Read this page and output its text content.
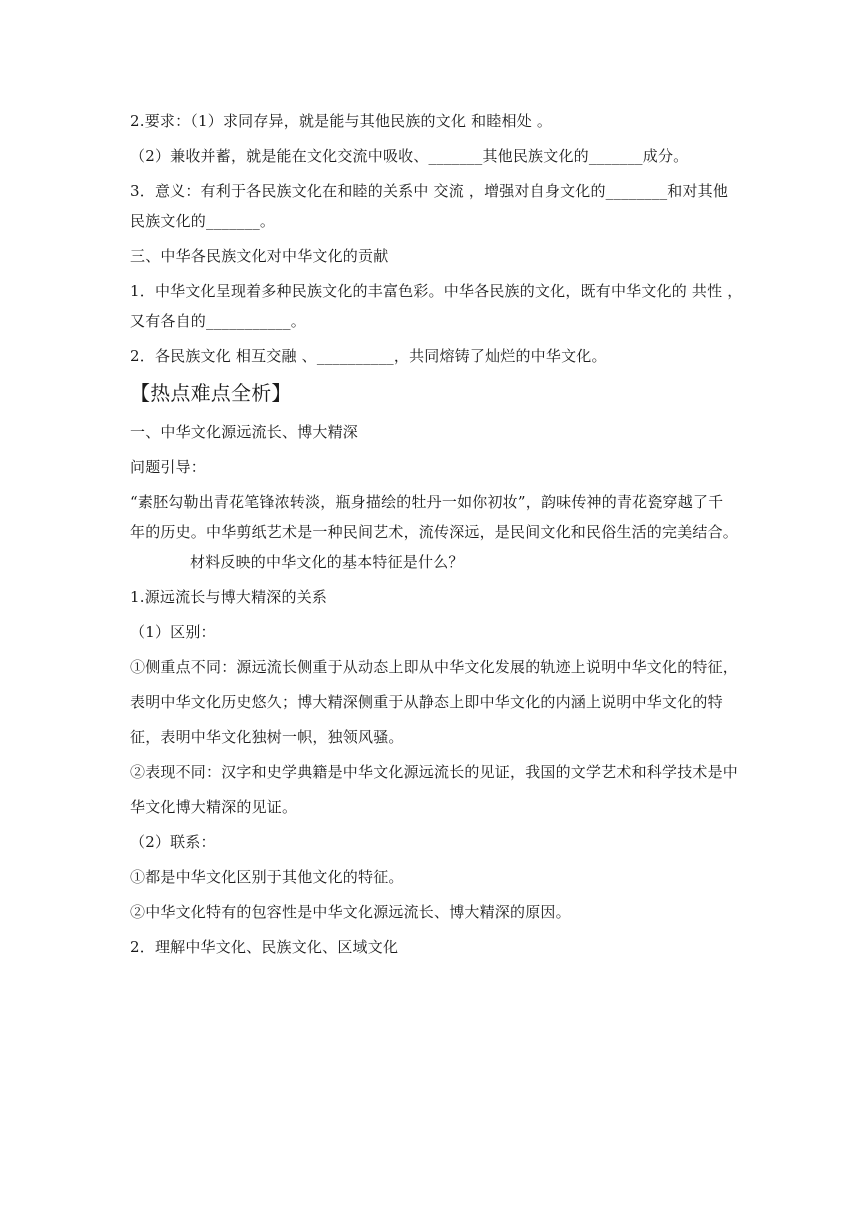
2.要求：（1）求同存异，就是能与其他民族的文化 和睦相处 。

（2）兼收并蓄，就是能在文化交流中吸收、_______其他民族文化的_______成分。

3．意义：有利于各民族文化在和睦的关系中 交流 ，增强对自身文化的________和对其他

民族文化的_______。

三、中华各民族文化对中华文化的贡献

1．中华文化呈现着多种民族文化的丰富色彩。中华各民族的文化，既有中华文化的 共性 ，

又有各自的___________。

2．各民族文化 相互交融 、__________，共同熔铸了灿烂的中华文化。

【热点难点全析】

一、中华文化源远流长、博大精深

问题引导：

“素胚勾勒出青花笔锋浓转淡，瓶身描绘的牡丹一如你初妆”，韵味传神的青花瓷穿越了千

年的历史。中华剪纸艺术是一种民间艺术，流传深远，是民间文化和民俗生活的完美结合。

材料反映的中华文化的基本特征是什么？

1.源远流长与博大精深的关系

（1）区别：

①侧重点不同：源远流长侧重于从动态上即从中华文化发展的轨迹上说明中华文化的特征，

表明中华文化历史悠久；博大精深侧重于从静态上即中华文化的内涵上说明中华文化的特

征，表明中华文化独树一帜，独领风骚。

②表现不同：汉字和史学典籍是中华文化源远流长的见证，我国的文学艺术和科学技术是中

华文化博大精深的见证。

（2）联系：

①都是中华文化区别于其他文化的特征。

②中华文化特有的包容性是中华文化源远流长、博大精深的原因。

2．理解中华文化、民族文化、区域文化
